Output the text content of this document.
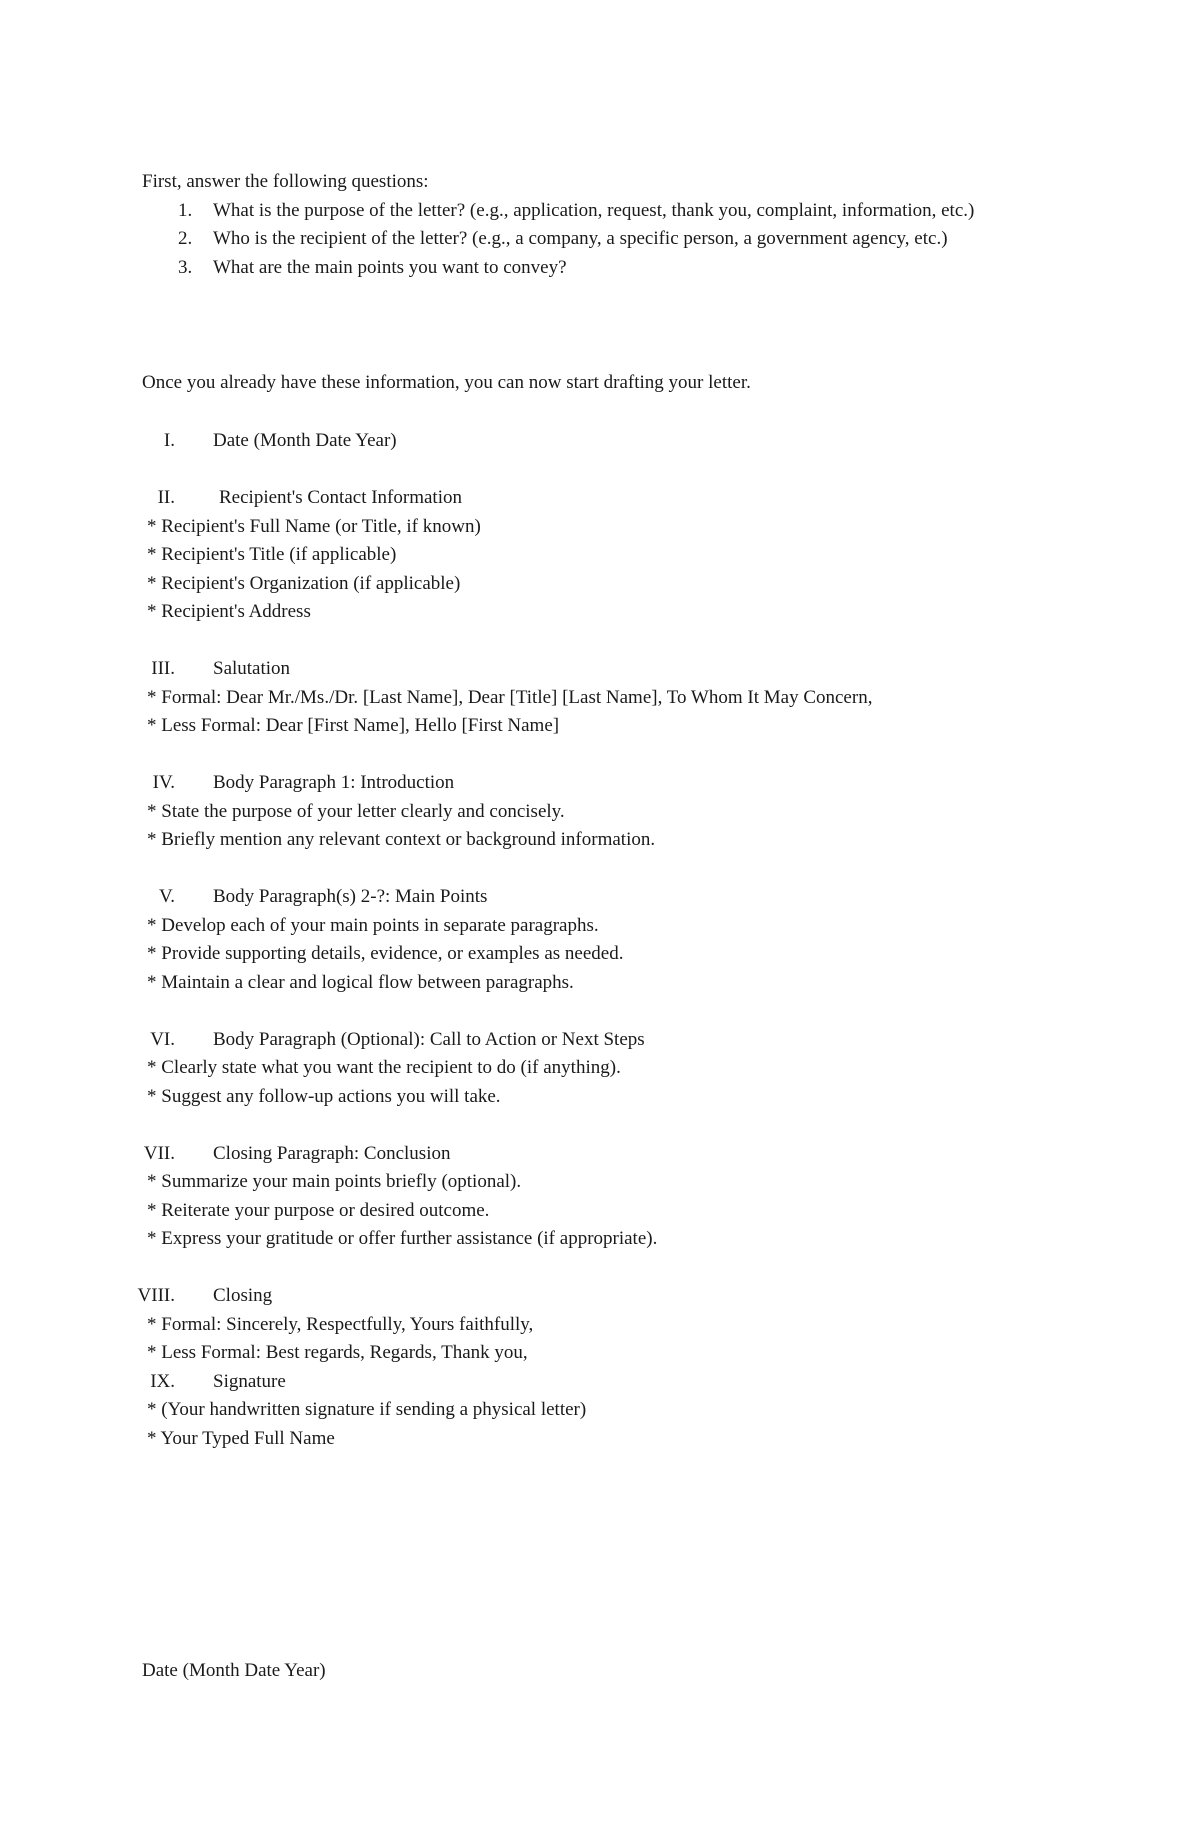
First, answer the following questions:
1. What is the purpose of the letter? (e.g., application, request, thank you, complaint, information, etc.)
2. Who is the recipient of the letter? (e.g., a company, a specific person, a government agency, etc.)
3. What are the main points you want to convey?
Once you already have these information, you can now start drafting your letter.
I. Date (Month Date Year)
II. Recipient's Contact Information
* Recipient's Full Name (or Title, if known)
* Recipient's Title (if applicable)
* Recipient's Organization (if applicable)
* Recipient's Address
III. Salutation
* Formal: Dear Mr./Ms./Dr. [Last Name], Dear [Title] [Last Name], To Whom It May Concern,
* Less Formal: Dear [First Name], Hello [First Name]
IV. Body Paragraph 1: Introduction
* State the purpose of your letter clearly and concisely.
* Briefly mention any relevant context or background information.
V. Body Paragraph(s) 2-?: Main Points
* Develop each of your main points in separate paragraphs.
* Provide supporting details, evidence, or examples as needed.
* Maintain a clear and logical flow between paragraphs.
VI. Body Paragraph (Optional): Call to Action or Next Steps
* Clearly state what you want the recipient to do (if anything).
* Suggest any follow-up actions you will take.
VII. Closing Paragraph: Conclusion
* Summarize your main points briefly (optional).
* Reiterate your purpose or desired outcome.
* Express your gratitude or offer further assistance (if appropriate).
VIII. Closing
* Formal: Sincerely, Respectfully, Yours faithfully,
* Less Formal: Best regards, Regards, Thank you,
IX. Signature
* (Your handwritten signature if sending a physical letter)
* Your Typed Full Name
Date (Month Date Year)
